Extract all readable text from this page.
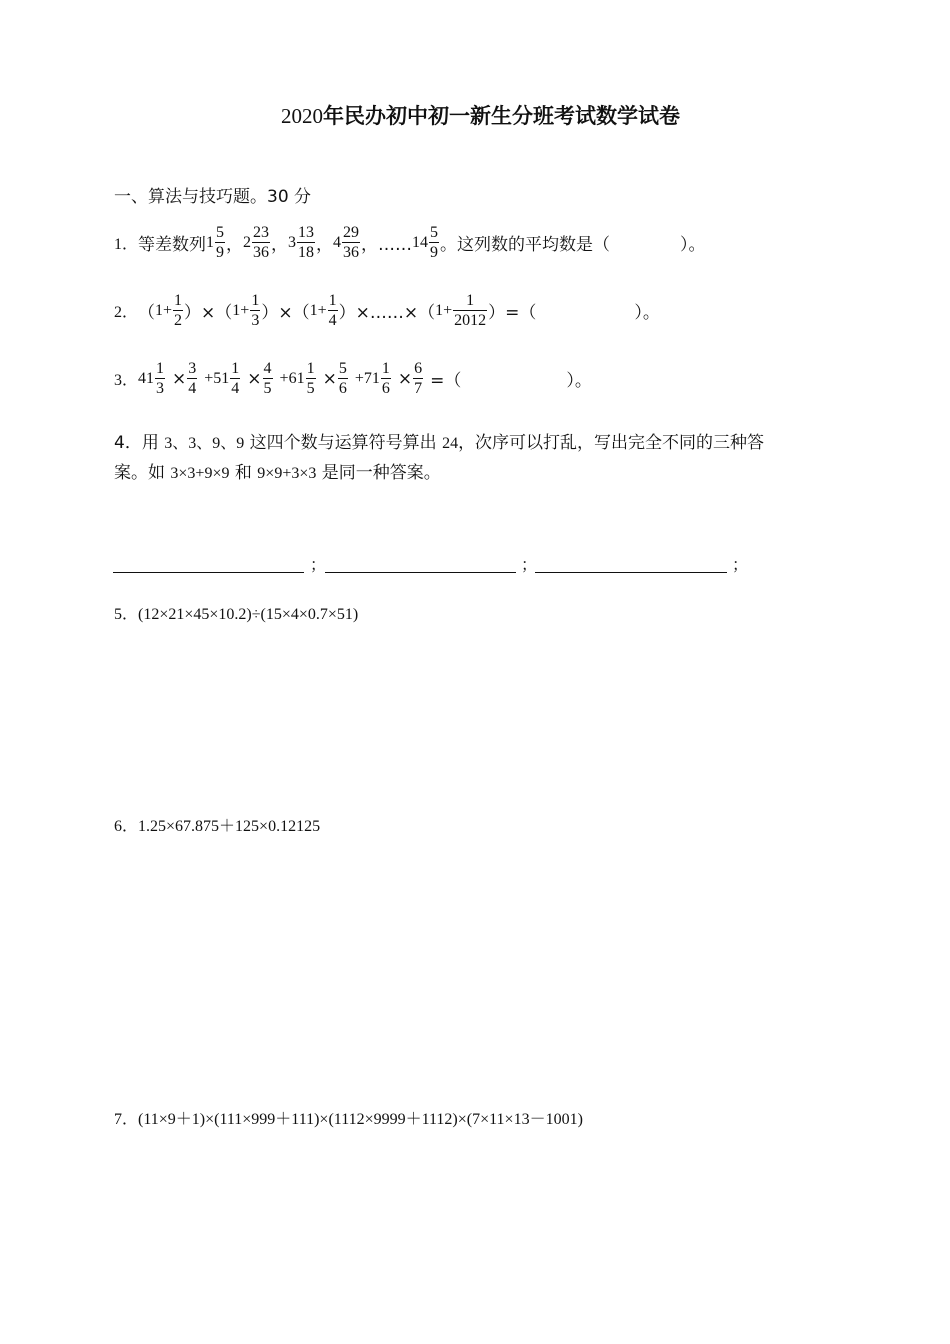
2020年民办初中初一新生分班考试数学试卷
一、算法与技巧题。30 分
1． 等差数列 $1 \frac{5}{9}$ ， $2 \frac{23}{36}$ ， $3 \frac{13}{18}$ ， $4 \frac{29}{36}$ ，…… $14 \frac{5}{9}$ 。这列数的平均数是（	）。
2． （ $1+ \frac{1}{2}$ ）×（ $1+ \frac{1}{3}$ ）×（ $1+ \frac{1}{4}$ ）×……×（ $1+ \frac{1}{2012}$ ）=（	）。
3． $41 \frac{1}{3} \times \frac{3}{4} +51 \frac{1}{4} \times \frac{4}{5} +61 \frac{1}{5} \times \frac{5}{6} +71 \frac{1}{6} \times \frac{6}{7}$ =（	）。
4．用 3、3、9、9 这四个数与运算符号算出 24，次序可以打乱，写出完全不同的三种答
案。如 3×3+9×9 和 9×9+3×3 是同一种答案。
；	；	；
5．(12×21×45×10.2)÷(15×4×0.7×51)
6．1.25×67.875＋125×0.12125
7．(11×9＋1)×(111×999＋111)×(1112×9999＋1112)×(7×11×13－1001)
